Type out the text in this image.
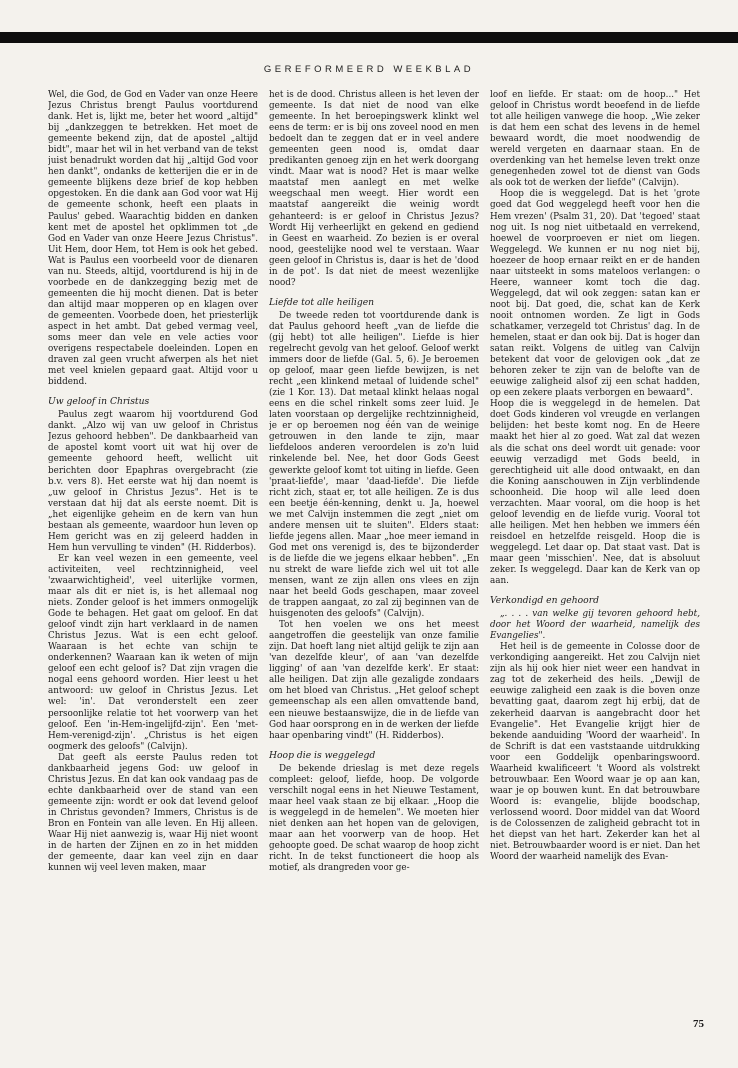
GEREFORMEERD WEEKBLAD

Wel, die God, de God en Vader van onze Heere Jezus Christus brengt Paulus voortdurend dank. Het is, lijkt me, beter het woord „altijd" bij „dankzeggen te betrekken. Het moet de gemeente bekend zijn, dat de apostel „altijd bidt", maar het wil in het verband van de tekst juist benadrukt worden dat hij „altijd God voor hen dankt", ondanks de ketterijen die er in de gemeente blijkens deze brief de kop hebben opgestoken. En die dank aan God voor wat Hij de gemeente schonk, heeft een plaats in Paulus' gebed. Waarachtig bidden en danken kent met de apostel het opklimmen tot „de God en Vader van onze Heere Jezus Christus". Uit Hem, door Hem, tot Hem is ook het gebed. Wat is Paulus een voorbeeld voor de dienaren van nu. Steeds, altijd, voortdurend is hij in de voorbede en de dankzegging bezig met de gemeenten die hij mocht dienen. Dat is beter dan altijd maar mopperen op en klagen over de gemeenten. Voorbede doen, het priesterlijk aspect in het ambt. Dat gebed vermag veel, soms meer dan vele en vele acties voor overigens respectabele doeleinden. Lopen en draven zal geen vrucht afwerpen als het niet met veel knielen gepaard gaat. Altijd voor u biddend.

Uw geloof in Christus

Paulus zegt waarom hij voortdurend God dankt. „Alzo wij van uw geloof in Christus Jezus gehoord hebben". De dankbaarheid van de apostel komt voort uit wat hij over de gemeente gehoord heeft, wellicht uit berichten door Epaphras overgebracht (zie b.v. vers 8). Het eerste wat hij dan noemt is „uw geloof in Christus Jezus". Het is te verstaan dat hij dat als eerste noemt. Dit is „het eigenlijke geheim en de kern van hun bestaan als gemeente, waardoor hun leven op Hem gericht was en zij geleerd hadden in Hem hun vervulling te vinden" (H. Ridderbos).

Er kan veel wezen in een gemeente, veel activiteiten, veel rechtzinnigheid, veel 'zwaarwichtigheid', veel uiterlijke vormen, maar als dit er niet is, is het allemaal nog niets. Zonder geloof is het immers onmogelijk Gode te behagen. Het gaat om geloof. En dat geloof vindt zijn hart verklaard in de namen Christus Jezus. Wat is een echt geloof. Waaraan is het echte van schijn te onderkennen? Waaraan kan ik weten of mijn geloof een echt geloof is? Dat zijn vragen die nogal eens gehoord worden. Hier leest u het antwoord: uw geloof in Christus Jezus. Let wel: 'in'. Dat veronderstelt een zeer persoonlijke relatie tot het voorwerp van het geloof. Een 'in-Hem-ingelijfd-zijn'. Een 'met-Hem-verenigd-zijn'. „Christus is het eigen oogmerk des geloofs" (Calvijn).

Dat geeft als eerste Paulus reden tot dankbaarheid jegens God: uw geloof in Christus Jezus. En dat kan ook vandaag pas de echte dankbaarheid over de stand van een gemeente zijn: wordt er ook dat levend geloof in Christus gevonden? Immers, Christus is de Bron en Fontein van alle leven. En Hij alleen. Waar Hij niet aanwezig is, waar Hij niet woont in de harten der Zijnen en zo in het midden der gemeente, daar kan veel zijn en daar kunnen wij veel leven maken, maar

het is de dood. Christus alleen is het leven der gemeente. Is dat niet de nood van elke gemeente. In het beroepingswerk klinkt wel eens de term: er is bij ons zoveel nood en men bedoelt dan te zeggen dat er in veel andere gemeenten geen nood is, omdat daar predikanten genoeg zijn en het werk doorgang vindt. Maar wat is nood? Het is maar welke maatstaf men aanlegt en met welke weegschaal men weegt. Hier wordt een maatstaf aangereikt die weinig wordt gehanteerd: is er geloof in Christus Jezus? Wordt Hij verheerlijkt en gekend en gediend in Geest en waarheid. Zo bezien is er overal nood, geestelijke nood wel te verstaan. Waar geen geloof in Christus is, daar is het de 'dood in de pot'. Is dat niet de meest wezenlijke nood?

Liefde tot alle heiligen

De tweede reden tot voortdurende dank is dat Paulus gehoord heeft „van de liefde die (gij hebt) tot alle heiligen". Liefde is hier regelrecht gevolg van het geloof. Geloof werkt immers door de liefde (Gal. 5, 6). Je beroemen op geloof, maar geen liefde bewijzen, is net recht „een klinkend metaal of luidende schel" (zie 1 Kor. 13). Dat metaal klinkt helaas nogal eens en die schel rinkelt soms zeer luid. Je laten voorstaan op dergelijke rechtzinnigheid, je er op beroemen nog één van de weinige getrouwen in den lande te zijn, maar liefdeloos anderen veroordelen is zo'n luid rinkelende bel. Nee, het door Gods Geest gewerkte geloof komt tot uiting in liefde. Geen 'praat-liefde', maar 'daad-liefde'. Die liefde richt zich, staat er, tot alle heiligen. Ze is dus een beetje één-kenning, denkt u. Ja, hoewel we met Calvijn instemmen die zegt „niet om andere mensen uit te sluiten". Elders staat: liefde jegens allen. Maar „hoe meer iemand in God met ons verenigd is, des te bijzonderder is de liefde die we jegens elkaar hebben". „En nu strekt de ware liefde zich wel uit tot alle mensen, want ze zijn allen ons vlees en zijn naar het beeld Gods geschapen, maar zoveel de trappen aangaat, zo zal zij beginnen van de huisgenoten des geloofs" (Calvijn).

Tot hen voelen we ons het meest aangetroffen die geestelijk van onze familie zijn. Dat hoeft lang niet altijd gelijk te zijn aan 'van dezelfde kleur', of aan 'van dezelfde ligging' of aan 'van dezelfde kerk'. Er staat: alle heiligen. Dat zijn alle gezaligde zondaars om het bloed van Christus. „Het geloof schept gemeenschap als een allen omvattende band, een nieuwe bestaanswijze, die in de liefde van God haar oorsprong en in de werken der liefde haar openbaring vindt" (H. Ridderbos).

Hoop die is weggelegd

De bekende drieslag is met deze regels compleet: geloof, liefde, hoop. De volgorde verschilt nogal eens in het Nieuwe Testament, maar heel vaak staan ze bij elkaar. „Hoop die is weggelegd in de hemelen". We moeten hier niet denken aan het hopen van de gelovigen, maar aan het voorwerp van de hoop. Het gehoopte goed. De schat waarop de hoop zicht richt. In de tekst functioneert die hoop als motief, als drangreden voor ge-

loof en liefde. Er staat: om de hoop..." Het geloof in Christus wordt beoefend in de liefde tot alle heiligen vanwege die hoop. „Wie zeker is dat hem een schat des levens in de hemel bewaard wordt, die moet noodwendig de wereld vergeten en daarnaar staan. En de overdenking van het hemelse leven trekt onze genegenheden zowel tot de dienst van Gods als ook tot de werken der liefde" (Calvijn).

Hoop die is weggelegd. Dat is het 'grote goed dat God weggelegd heeft voor hen die Hem vrezen' (Psalm 31, 20). Dat 'tegoed' staat nog uit. Is nog niet uitbetaald en verrekend, hoewel de voorproeven er niet om liegen. Weggelegd. We kunnen er nu nog niet bij, hoezeer de hoop ernaar reikt en er de handen naar uitsteekt in soms mateloos verlangen: o Heere, wanneer komt toch die dag. Weggelegd, dat wil ook zeggen: satan kan er noot bij. Dat goed, die, schat kan de Kerk nooit ontnomen worden. Ze ligt in Gods schatkamer, verzegeld tot Christus' dag. In de hemelen, staat er dan ook bij. Dat is hoger dan satan reikt. Volgens de uitleg van Calvijn betekent dat voor de gelovigen ook „dat ze behoren zeker te zijn van de belofte van de eeuwige zaligheid alsof zij een schat hadden, op een zekere plaats verborgen en bewaard".

Hoop die is weggelegd in de hemelen. Dat doet Gods kinderen vol vreugde en verlangen belijden: het beste komt nog. En de Heere maakt het hier al zo goed. Wat zal dat wezen als die schat ons deel wordt uit genade: voor eeuwig verzadigd met Gods beeld, in gerechtigheid uit alle dood ontwaakt, en dan die Koning aanschouwen in Zijn verblindende schoonheid. Die hoop wil alle leed doen verzachten. Maar vooral, om die hoop is het geloof levendig en de liefde vurig. Vooral tot alle heiligen. Met hen hebben we immers één reisdoel en hetzelfde reisgeld. Hoop die is weggelegd. Let daar op. Dat staat vast. Dat is maar geen 'misschien'. Nee, dat is absoluut zeker. Is weggelegd. Daar kan de Kerk van op aan.

Verkondigd en gehoord

„. . . . van welke gij tevoren gehoord hebt, door het Woord der waarheid, namelijk des Evangelies".

Het heil is de gemeente in Colosse door de verkondiging aangereikt. Het zou Calvijn niet zijn als hij ook hier niet weer een handvat in zag tot de zekerheid des heils. „Dewijl de eeuwige zaligheid een zaak is die boven onze bevatting gaat, daarom zegt hij erbij, dat de zekerheid daarvan is aangebracht door het Evangelie". Het Evangelie krijgt hier de bekende aanduiding 'Woord der waarheid'. In de Schrift is dat een vaststaande uitdrukking voor een Goddelijk openbaringswoord. Waarheid kwalificeert 't Woord als volstrekt betrouwbaar. Een Woord waar je op aan kan, waar je op bouwen kunt. En dat betrouwbare Woord is: evangelie, blijde boodschap, verlossend woord. Door middel van dat Woord is de Colossenzen de zaligheid gebracht tot in het diepst van het hart. Zekerder kan het al niet. Betrouwbaarder woord is er niet. Dan het Woord der waarheid namelijk des Evan-

75
